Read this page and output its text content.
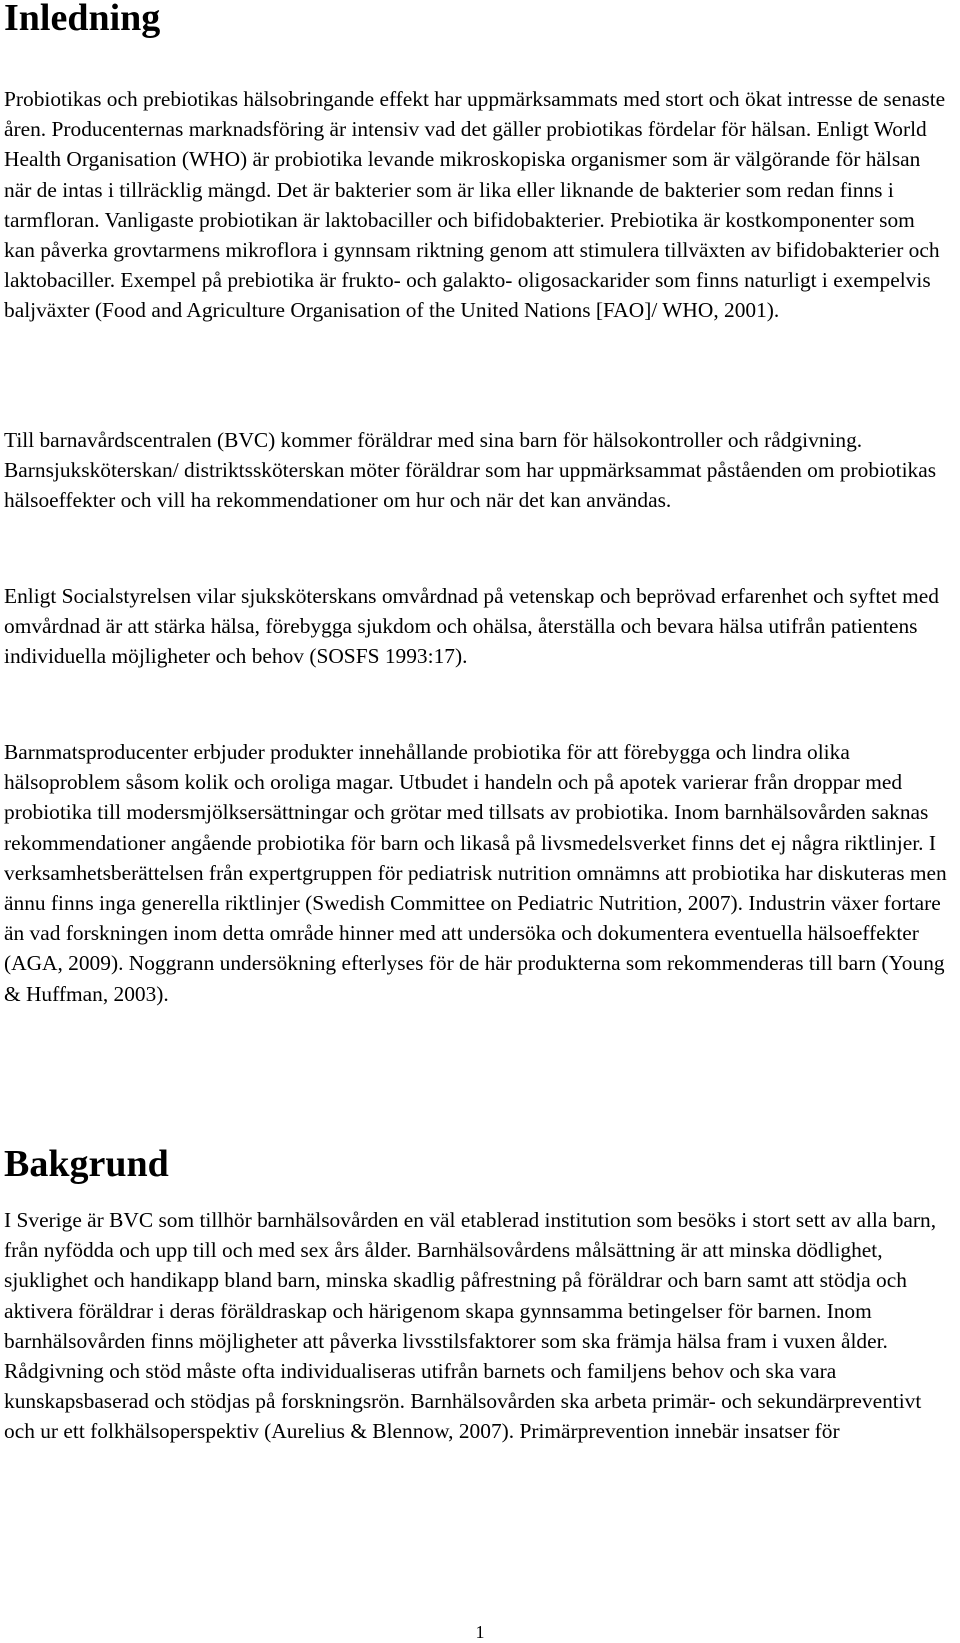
Inledning

Probiotikas och prebiotikas hälsobringande effekt har uppmärksammats med stort och ökat intresse de senaste åren. Producenternas marknadsföring är intensiv vad det gäller probiotikas fördelar för hälsan. Enligt World Health Organisation (WHO) är probiotika levande mikroskopiska organismer som är välgörande för hälsan när de intas i tillräcklig mängd. Det är bakterier som är lika eller liknande de bakterier som redan finns i tarmfloran. Vanligaste probiotikan är laktobaciller och bifidobakterier. Prebiotika är kostkomponenter som kan påverka grovtarmens mikroflora i gynnsam riktning genom att stimulera tillväxten av bifidobakterier och laktobaciller. Exempel på prebiotika är frukto- och galakto- oligosackarider som finns naturligt i exempelvis baljväxter (Food and Agriculture Organisation of the United Nations [FAO]/ WHO, 2001).

Till barnavårdscentralen (BVC) kommer föräldrar med sina barn för hälsokontroller och rådgivning. Barnsjuksköterskan/ distriktssköterskan möter föräldrar som har uppmärksammat påståenden om probiotikas hälsoeffekter och vill ha rekommendationer om hur och när det kan användas.

Enligt Socialstyrelsen vilar sjuksköterskans omvårdnad på vetenskap och beprövad erfarenhet och syftet med omvårdnad är att stärka hälsa, förebygga sjukdom och ohälsa, återställa och bevara hälsa utifrån patientens individuella möjligheter och behov (SOSFS 1993:17).

Barnmatsproducenter erbjuder produkter innehållande probiotika för att förebygga och lindra olika hälsoproblem såsom kolik och oroliga magar. Utbudet i handeln och på apotek varierar från droppar med probiotika till modersmjölksersättningar och grötar med tillsats av probiotika. Inom barnhälsovården saknas rekommendationer angående probiotika för barn och likaså på livsmedelsverket finns det ej några riktlinjer. I verksamhetsberättelsen från expertgruppen för pediatrisk nutrition omnämns att probiotika har diskuteras men ännu finns inga generella riktlinjer (Swedish Committee on Pediatric Nutrition, 2007). Industrin växer fortare än vad forskningen inom detta område hinner med att undersöka och dokumentera eventuella hälsoeffekter (AGA, 2009). Noggrann undersökning efterlyses för de här produkterna som rekommenderas till barn (Young & Huffman, 2003).

Bakgrund

I Sverige är BVC som tillhör barnhälsovården en väl etablerad institution som besöks i stort sett av alla barn, från nyfödda och upp till och med sex års ålder. Barnhälsovårdens målsättning är att minska dödlighet, sjuklighet och handikapp bland barn, minska skadlig påfrestning på föräldrar och barn samt att stödja och aktivera föräldrar i deras föräldraskap och härigenom skapa gynnsamma betingelser för barnen. Inom barnhälsovården finns möjligheter att påverka livsstilsfaktorer som ska främja hälsa fram i vuxen ålder. Rådgivning och stöd måste ofta individualiseras utifrån barnets och familjens behov och ska vara kunskapsbaserad och stödjas på forskningsrön. Barnhälsovården ska arbeta primär- och sekundärpreventivt och ur ett folkhälsoperspektiv (Aurelius & Blennow, 2007). Primärprevention innebär insatser för

1
